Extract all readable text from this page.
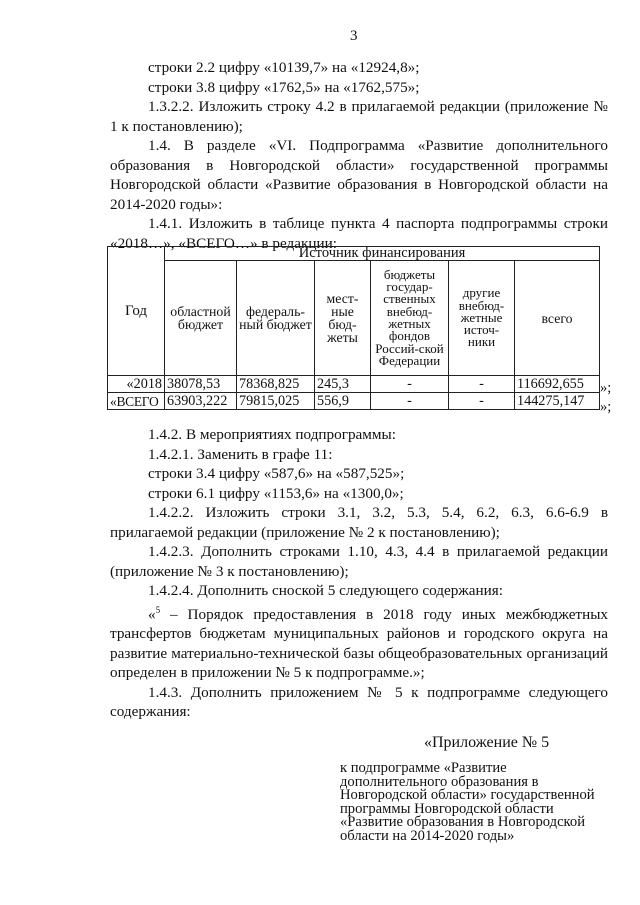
3

строки 2.2 цифру «10139,7» на «12924,8»;

строки 3.8 цифру «1762,5» на «1762,575»;

1.3.2.2. Изложить строку 4.2 в прилагаемой редакции (приложение № 1 к постановлению);

1.4. В разделе «VI. Подпрограмма «Развитие дополнительного образования в Новгородской области» государственной программы Новгородской области «Развитие образования в Новгородской области на 2014-2020 годы»:

1.4.1. Изложить в таблице пункта 4 паспорта подпрограммы строки «2018…», «ВСЕГО…» в редакции:

Год	Источник финансирования					
	областной бюджет	федераль-ный бюджет	мест-ные бюд-жеты	бюджеты государ-ственных внебюд-жетных фондов Россий-ской Федерации	другие внебюд-жетные источ-ники	всего
«2018	38078,53	78368,825	245,3	-	-	116692,655
«ВСЕГО	63903,222	79815,025	556,9	-	-	144275,147
»;
»;

1.4.2. В мероприятиях подпрограммы:

1.4.2.1. Заменить в графе 11:

строки 3.4 цифру «587,6» на «587,525»;

строки 6.1 цифру «1153,6» на «1300,0»;

1.4.2.2. Изложить строки 3.1, 3.2, 5.3, 5.4, 6.2, 6.3, 6.6-6.9 в прилагаемой редакции (приложение № 2 к постановлению);

1.4.2.3. Дополнить строками 1.10, 4.3, 4.4 в прилагаемой редакции (приложение № 3 к постановлению);

1.4.2.4. Дополнить сноской 5 следующего содержания:

«$^5$ – Порядок предоставления в 2018 году иных межбюджетных трансфертов бюджетам муниципальных районов и городского округа на развитие материально-технической базы общеобразовательных организаций определен в приложении № 5 к подпрограмме.»;

1.4.3. Дополнить приложением № 5 к подпрограмме следующего содержания:

«Приложение № 5
к подпрограмме «Развитие дополнительного образования в Новгородской области» государственной программы Новгородской области «Развитие образования в Новгородской области на 2014-2020 годы»
